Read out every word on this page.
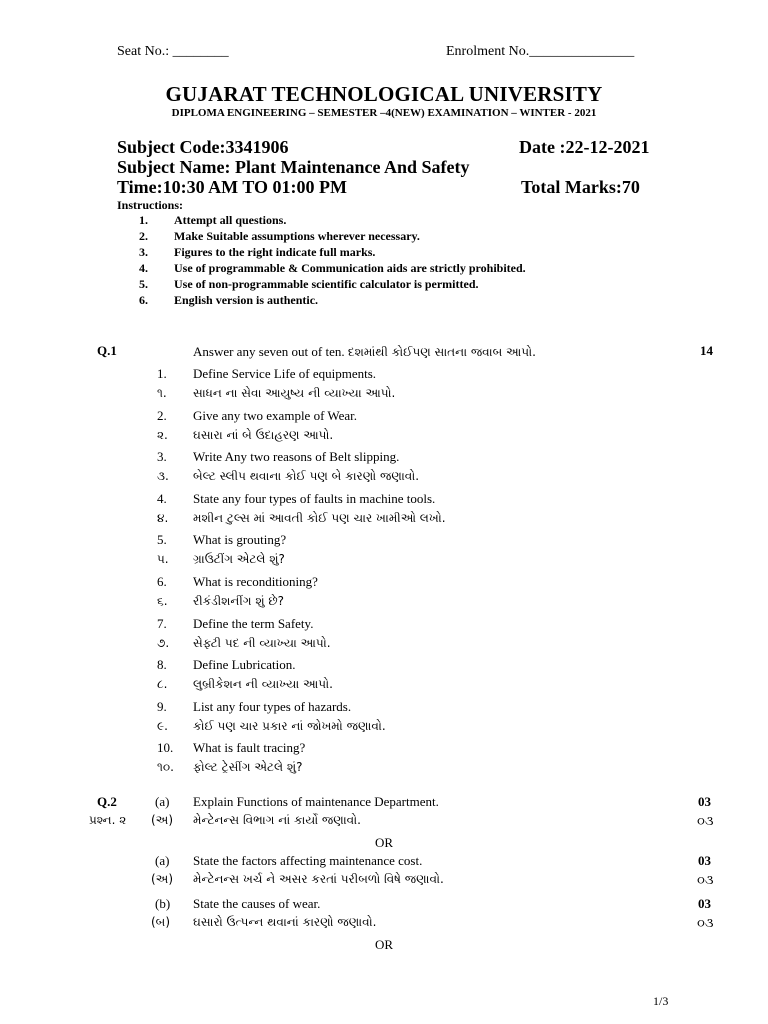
Seat No.: ________	Enrolment No._______________
GUJARAT TECHNOLOGICAL UNIVERSITY
DIPLOMA ENGINEERING – SEMESTER –4(NEW) EXAMINATION – WINTER - 2021
Subject Code:3341906	Date :22-12-2021
Subject Name: Plant Maintenance And Safety
Time:10:30 AM TO 01:00 PM	Total Marks:70
Instructions:
1. Attempt all questions.
2. Make Suitable assumptions wherever necessary.
3. Figures to the right indicate full marks.
4. Use of programmable & Communication aids are strictly prohibited.
5. Use of non-programmable scientific calculator is permitted.
6. English version is authentic.
Q.1	Answer any seven out of ten. દશમાંથી કોઈપણ સાતના જવાબ આપો.	14
1. Define Service Life of equipments.
૧. સાધન ના સેવા આયુષ્ય ની વ્યાખ્યા આપો.
2. Give any two example of Wear.
૨. ઘસારા નાં બે ઉદાહરણ આપો.
3. Write Any two reasons of Belt slipping.
૩. બેલ્ટ સ્લીપ થવાના કોઈ પણ બે કારણો જણાવો.
4. State any four types of faults in machine tools.
૪. મશીન ટુલ્સ માં આવતી કોઈ પણ ચાર ખામીઓ લખો.
5. What is grouting?
પ. ગ્રાઉટીંગ એટલે શું?
6. What is reconditioning?
૬. રીકંડીશનીંગ શું છે?
7. Define the term Safety.
૭. સેફ્ટી પદ ની વ્યાખ્યા આપો.
8. Define Lubrication.
૮. લુબ્રીકેશન ની વ્યાખ્યા આપો.
9. List any four types of hazards.
૯. કોઈ પણ ચાર પ્રકાર નાં જોખમો જણાવો.
10. What is fault tracing?
૧૦. ફોલ્ટ ટ્રેસીંગ એટલે શું?
Q.2
પ્રશ્ન. ૨
(a) Explain Functions of maintenance Department.	03
(અ) મેન્ટેનન્સ વિભાગ નાં કાર્યો જણાવો.	૦૩
OR
(a) State the factors affecting maintenance cost.	03
(અ) મેન્ટેનન્સ ખર્ચ ને અસર કરતાં પરીબળો વિષે જણાવો.	૦૩
(b) State the causes of wear.	03
(બ) ઘસારો ઉત્પન્ન થવાનાં કારણો જણાવો.	૦૩
OR
1/3
